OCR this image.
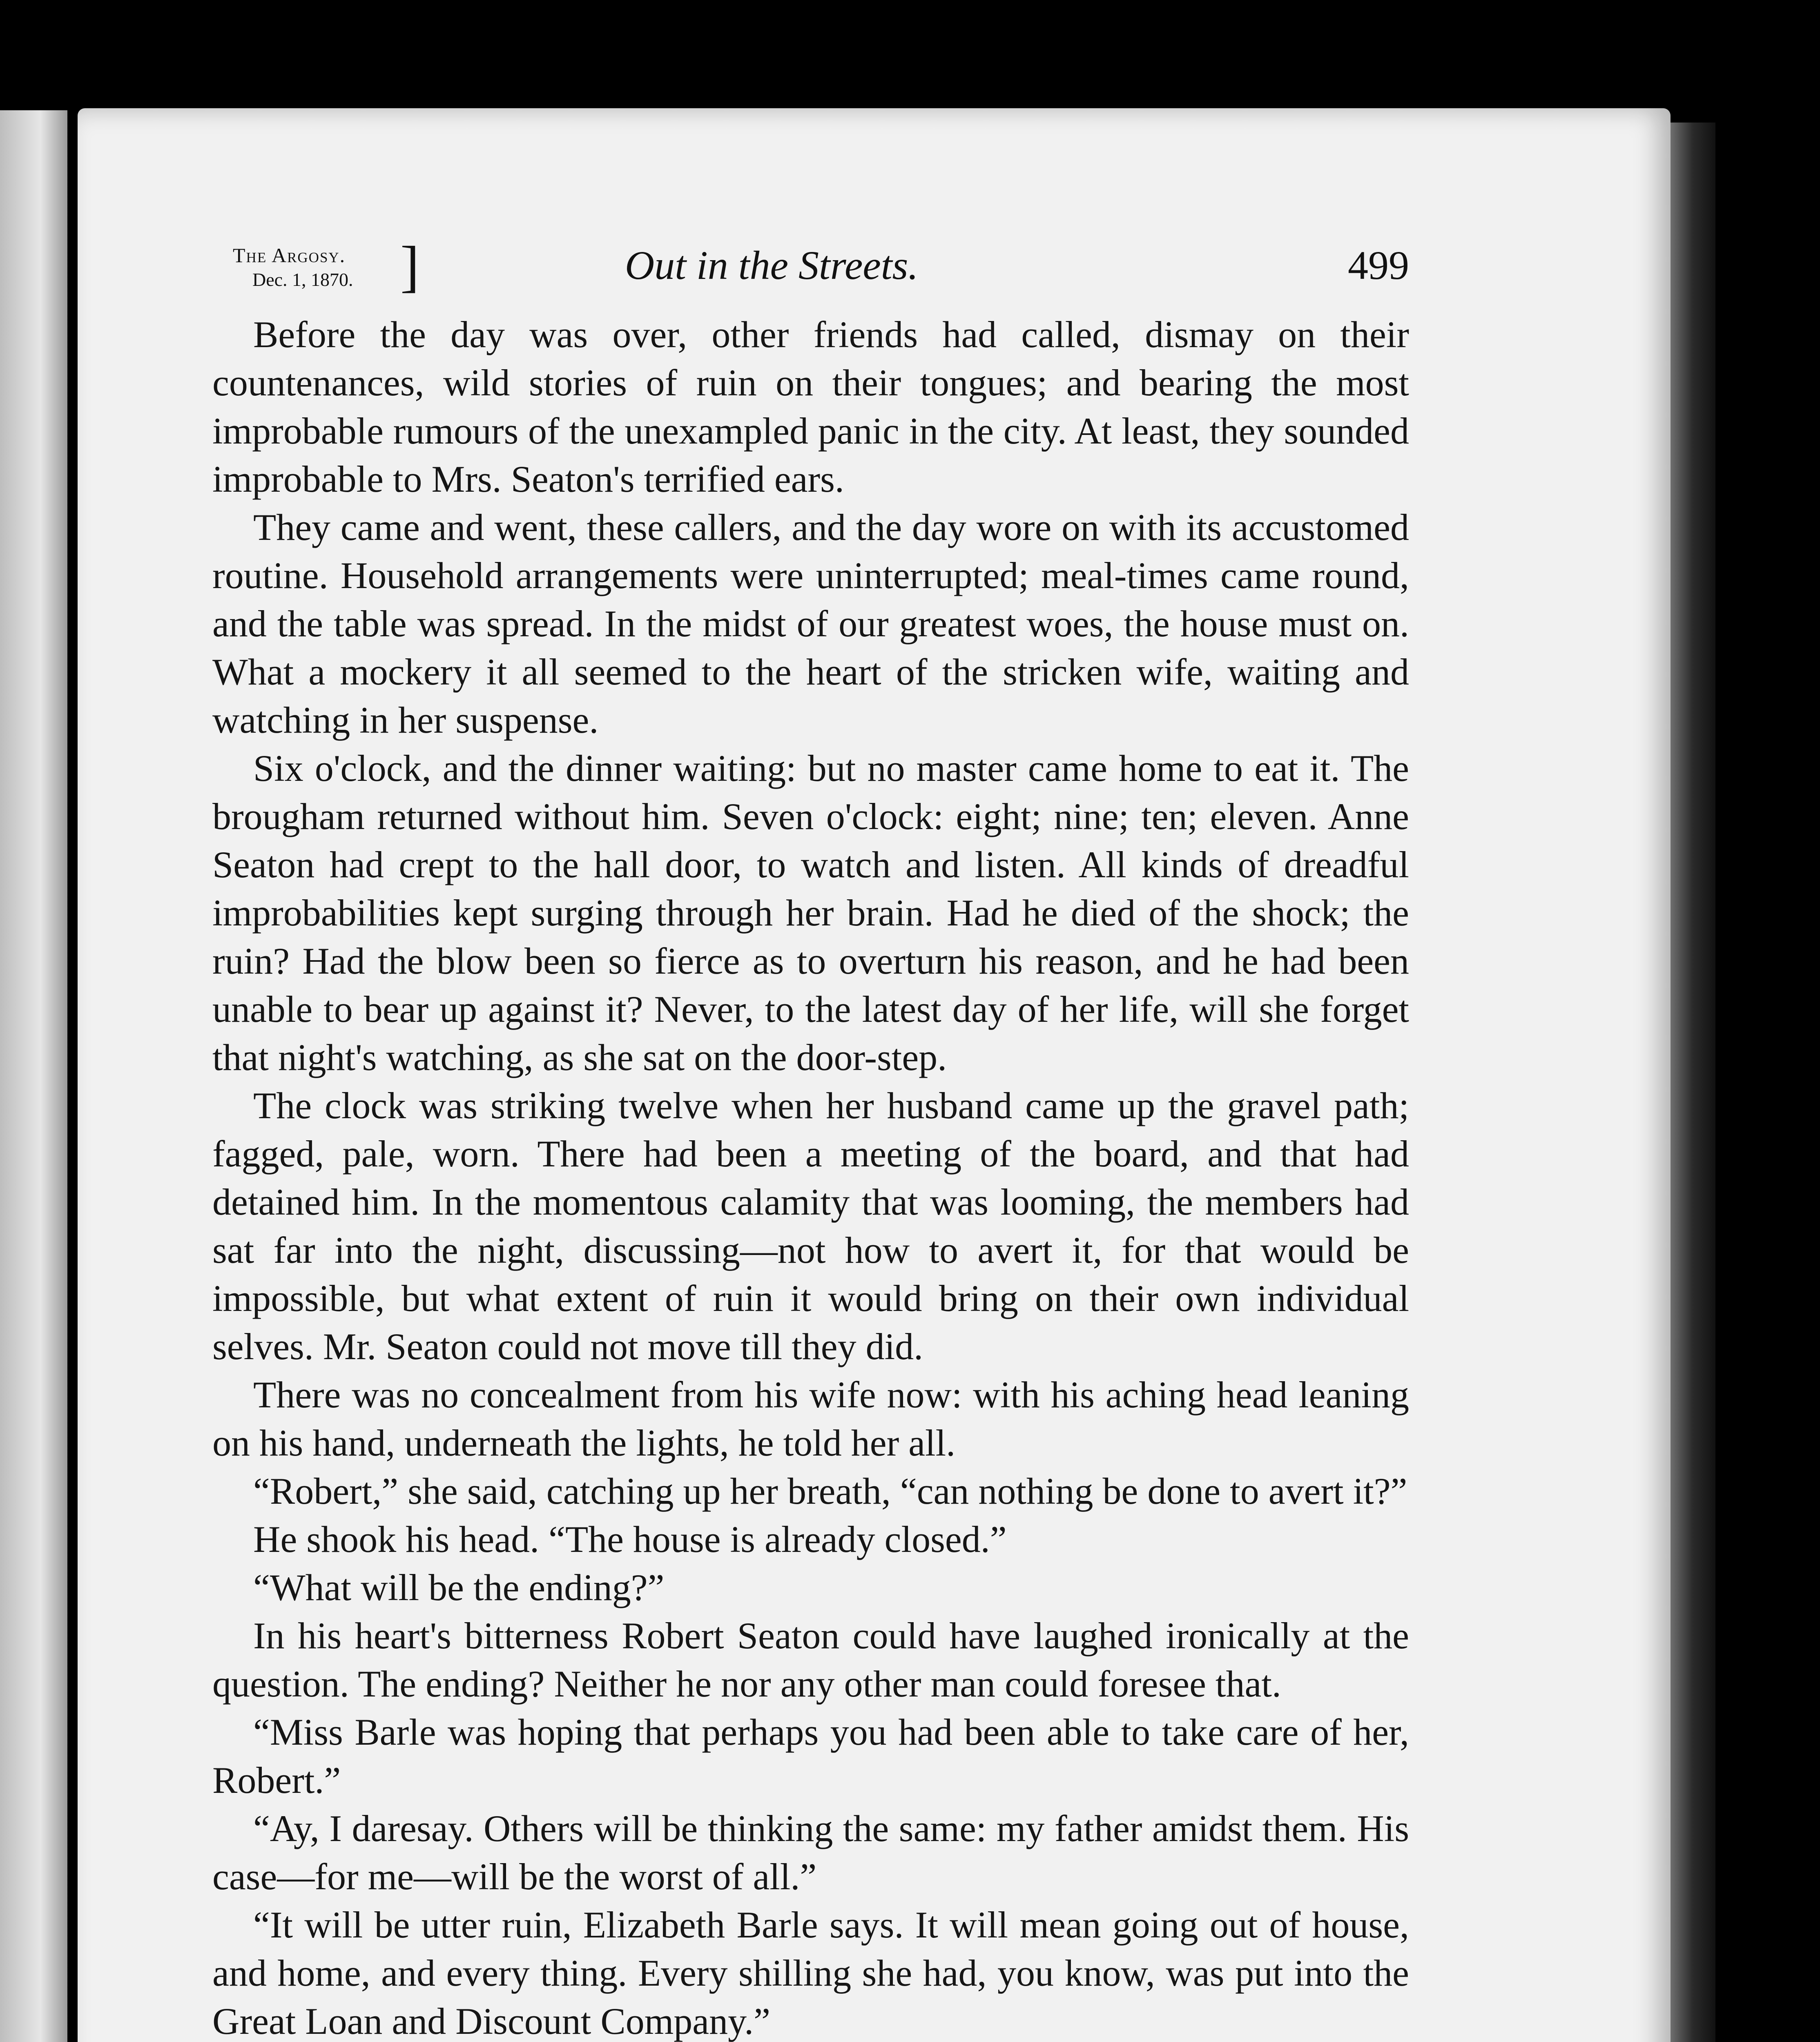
The Argosy.
Dec. 1, 1870. ]	Out in the Streets.	499

Before the day was over, other friends had called, dismay on their countenances, wild stories of ruin on their tongues; and bearing the most improbable rumours of the unexampled panic in the city. At least, they sounded improbable to Mrs. Seaton's terrified ears.

They came and went, these callers, and the day wore on with its accustomed routine. Household arrangements were uninterrupted; meal-times came round, and the table was spread. In the midst of our greatest woes, the house must on. What a mockery it all seemed to the heart of the stricken wife, waiting and watching in her suspense.

Six o'clock, and the dinner waiting: but no master came home to eat it. The brougham returned without him. Seven o'clock: eight; nine; ten; eleven. Anne Seaton had crept to the hall door, to watch and listen. All kinds of dreadful improbabilities kept surging through her brain. Had he died of the shock; the ruin? Had the blow been so fierce as to overturn his reason, and he had been unable to bear up against it? Never, to the latest day of her life, will she forget that night's watching, as she sat on the door-step.

The clock was striking twelve when her husband came up the gravel path; fagged, pale, worn. There had been a meeting of the board, and that had detained him. In the momentous calamity that was looming, the members had sat far into the night, discussing—not how to avert it, for that would be impossible, but what extent of ruin it would bring on their own individual selves. Mr. Seaton could not move till they did.

There was no concealment from his wife now: with his aching head leaning on his hand, underneath the lights, he told her all.

“Robert,” she said, catching up her breath, “can nothing be done to avert it?”

He shook his head. “The house is already closed.”

“What will be the ending?”

In his heart's bitterness Robert Seaton could have laughed ironically at the question. The ending? Neither he nor any other man could foresee that.

“Miss Barle was hoping that perhaps you had been able to take care of her, Robert.”

“Ay, I daresay. Others will be thinking the same: my father amidst them. His case—for me—will be the worst of all.”

“It will be utter ruin, Elizabeth Barle says. It will mean going out of house, and home, and every thing. Every shilling she had, you know, was put into the Great Loan and Discount Company.”
